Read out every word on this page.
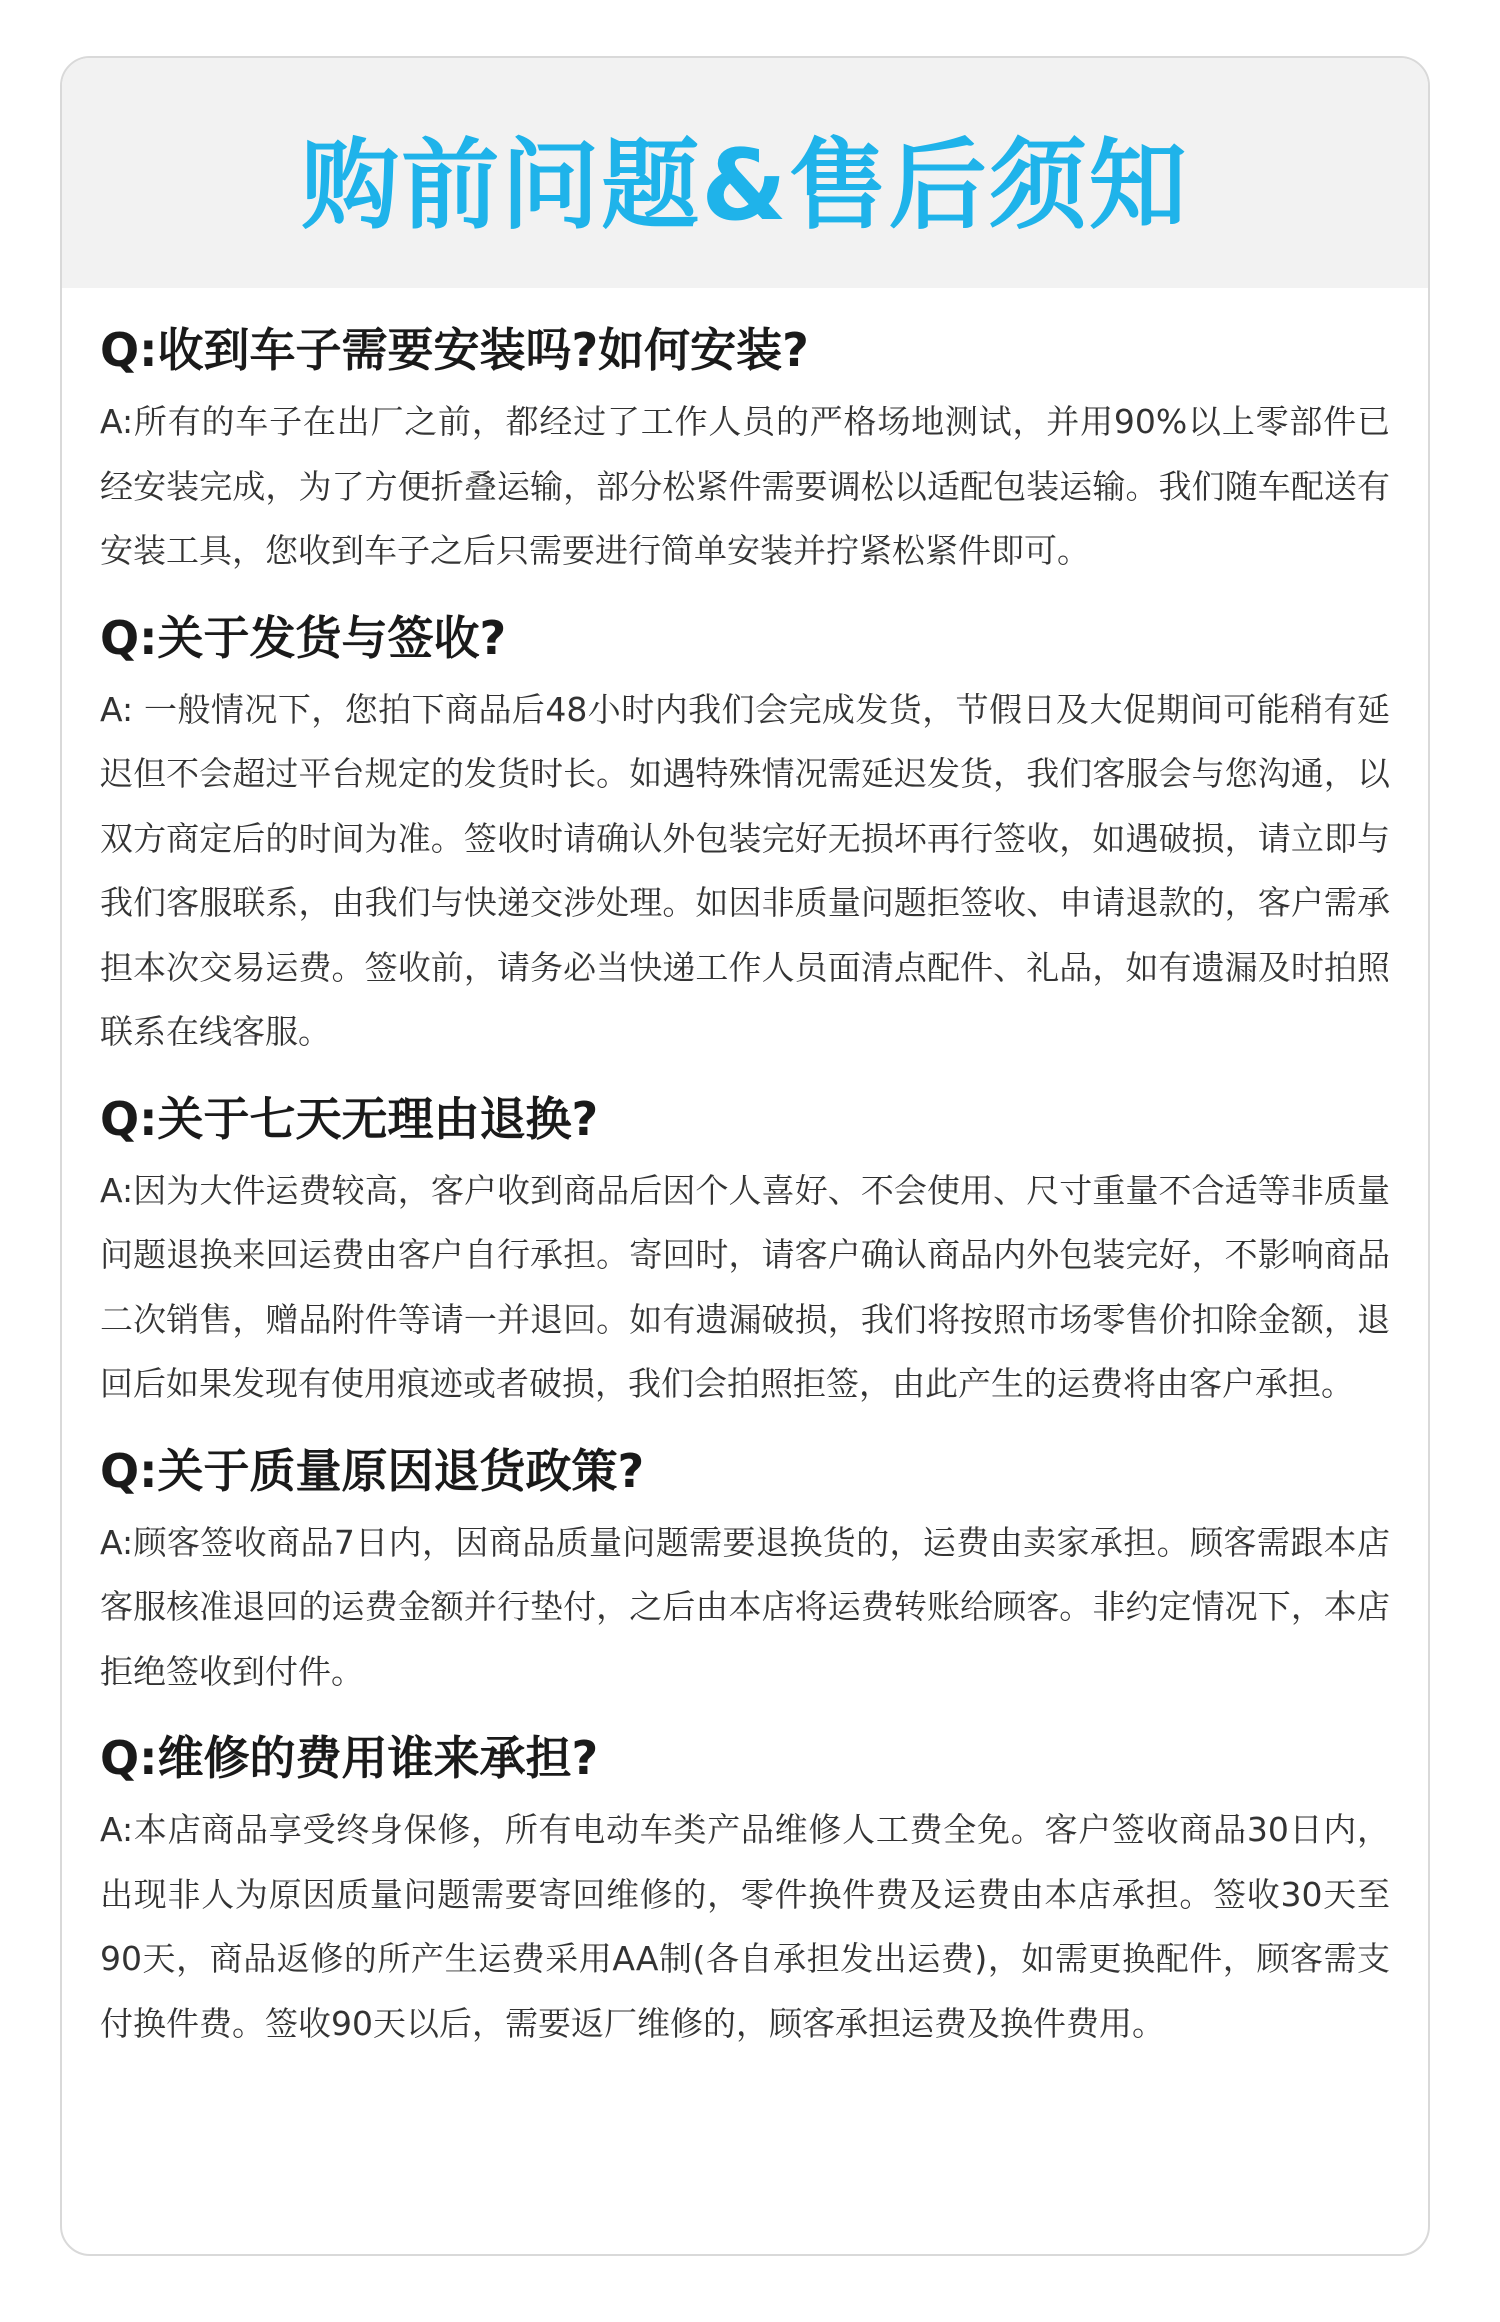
购前问题&售后须知

Q:收到车子需要安装吗?如何安装?

A:所有的车子在出厂之前，都经过了工作人员的严格场地测试，并用90%以上零部件已经安装完成，为了方便折叠运输，部分松紧件需要调松以适配包装运输。我们随车配送有安装工具，您收到车子之后只需要进行简单安装并拧紧松紧件即可。

Q:关于发货与签收?

A: 一般情况下，您拍下商品后48小时内我们会完成发货，节假日及大促期间可能稍有延迟但不会超过平台规定的发货时长。如遇特殊情况需延迟发货，我们客服会与您沟通，以双方商定后的时间为准。签收时请确认外包装完好无损坏再行签收，如遇破损，请立即与我们客服联系，由我们与快递交涉处理。如因非质量问题拒签收、申请退款的，客户需承担本次交易运费。签收前，请务必当快递工作人员面清点配件、礼品，如有遗漏及时拍照联系在线客服。

Q:关于七天无理由退换?

A:因为大件运费较高，客户收到商品后因个人喜好、不会使用、尺寸重量不合适等非质量问题退换来回运费由客户自行承担。寄回时，请客户确认商品内外包装完好，不影响商品二次销售，赠品附件等请一并退回。如有遗漏破损，我们将按照市场零售价扣除金额，退回后如果发现有使用痕迹或者破损，我们会拍照拒签，由此产生的运费将由客户承担。

Q:关于质量原因退货政策?

A:顾客签收商品7日内，因商品质量问题需要退换货的，运费由卖家承担。顾客需跟本店客服核准退回的运费金额并行垫付，之后由本店将运费转账给顾客。非约定情况下，本店拒绝签收到付件。

Q:维修的费用谁来承担?

A:本店商品享受终身保修，所有电动车类产品维修人工费全免。客户签收商品30日内，出现非人为原因质量问题需要寄回维修的，零件换件费及运费由本店承担。签收30天至90天，商品返修的所产生运费采用AA制(各自承担发出运费)，如需更换配件，顾客需支付换件费。签收90天以后，需要返厂维修的，顾客承担运费及换件费用。
